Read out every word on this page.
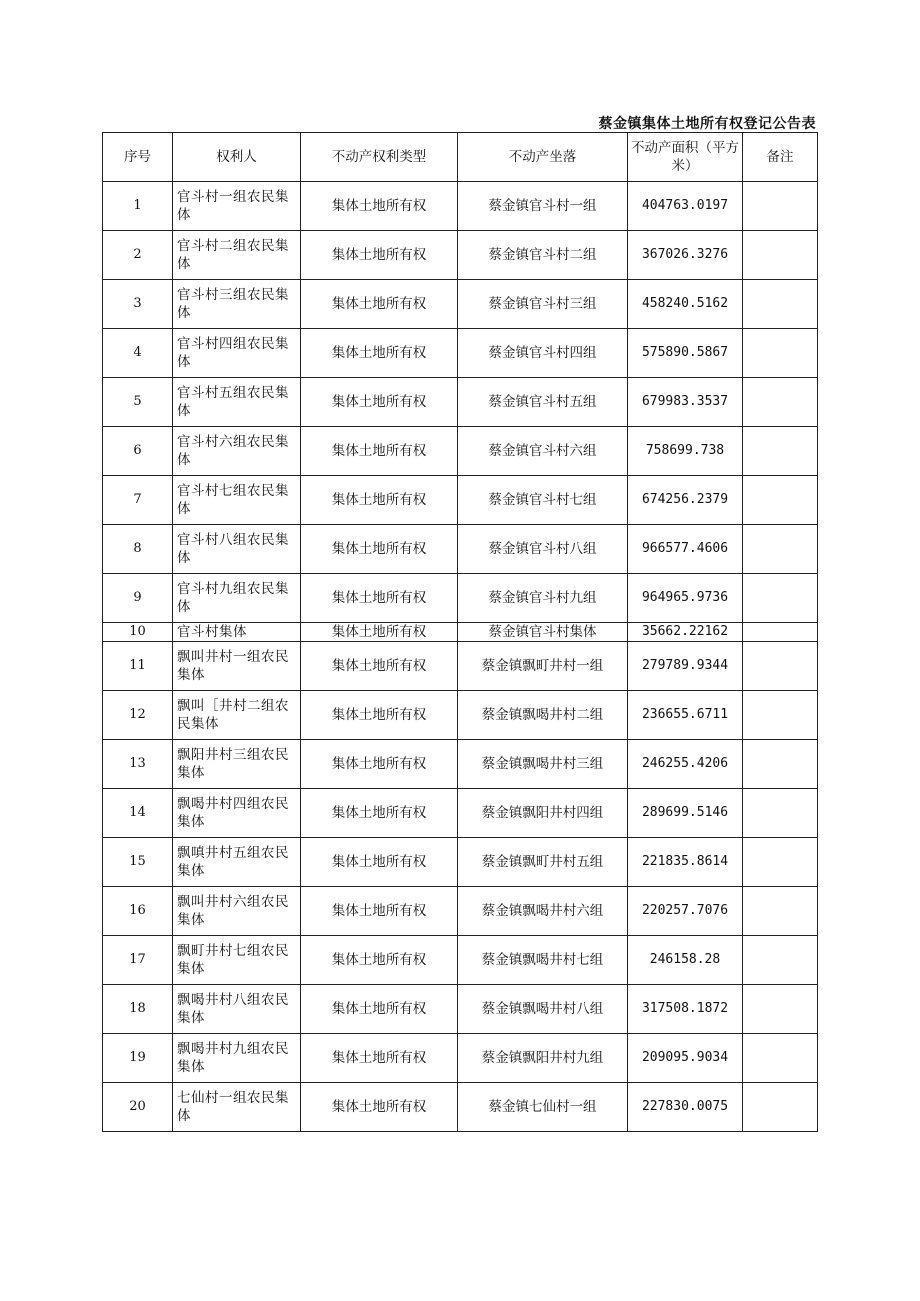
蔡金镇集体土地所有权登记公告表
序号	权利人	不动产权利类型	不动产坐落	不动产面积（平方米）	备注
1	官斗村一组农民集体	集体土地所有权	蔡金镇官斗村一组	404763.0197	
2	官斗村二组农民集体	集体土地所有权	蔡金镇官斗村二组	367026.3276	
3	官斗村三组农民集体	集体土地所有权	蔡金镇官斗村三组	458240.5162	
4	官斗村四组农民集体	集体土地所有权	蔡金镇官斗村四组	575890.5867	
5	官斗村五组农民集体	集体土地所有权	蔡金镇官斗村五组	679983.3537	
6	官斗村六组农民集体	集体土地所有权	蔡金镇官斗村六组	758699.738	
7	官斗村七组农民集体	集体土地所有权	蔡金镇官斗村七组	674256.2379	
8	官斗村八组农民集体	集体土地所有权	蔡金镇官斗村八组	966577.4606	
9	官斗村九组农民集体	集体土地所有权	蔡金镇官斗村九组	964965.9736	
10	官斗村集体	集体土地所有权	蔡金镇官斗村集体	35662.22162	
11	飘叫井村一组农民集体	集体土地所有权	蔡金镇飘町井村一组	279789.9344	
12	飘叫［井村二组农民集体	集体土地所有权	蔡金镇飘喝井村二组	236655.6711	
13	飘阳井村三组农民集体	集体土地所有权	蔡金镇飘喝井村三组	246255.4206	
14	飘喝井村四组农民集体	集体土地所有权	蔡金镇飘阳井村四组	289699.5146	
15	飘嗔井村五组农民集体	集体土地所有权	蔡金镇飘町井村五组	221835.8614	
16	飘叫井村六组农民集体	集体土地所有权	蔡金镇飘喝井村六组	220257.7076	
17	飘町井村七组农民集体	集体土地所有权	蔡金镇飘喝井村七组	246158.28	
18	飘喝井村八组农民集体	集体土地所有权	蔡金镇飘喝井村八组	317508.1872	
19	飘喝井村九组农民集体	集体土地所有权	蔡金镇飘阳井村九组	209095.9034	
20	七仙村一组农民集体	集体土地所有权	蔡金镇七仙村一组	227830.0075	
